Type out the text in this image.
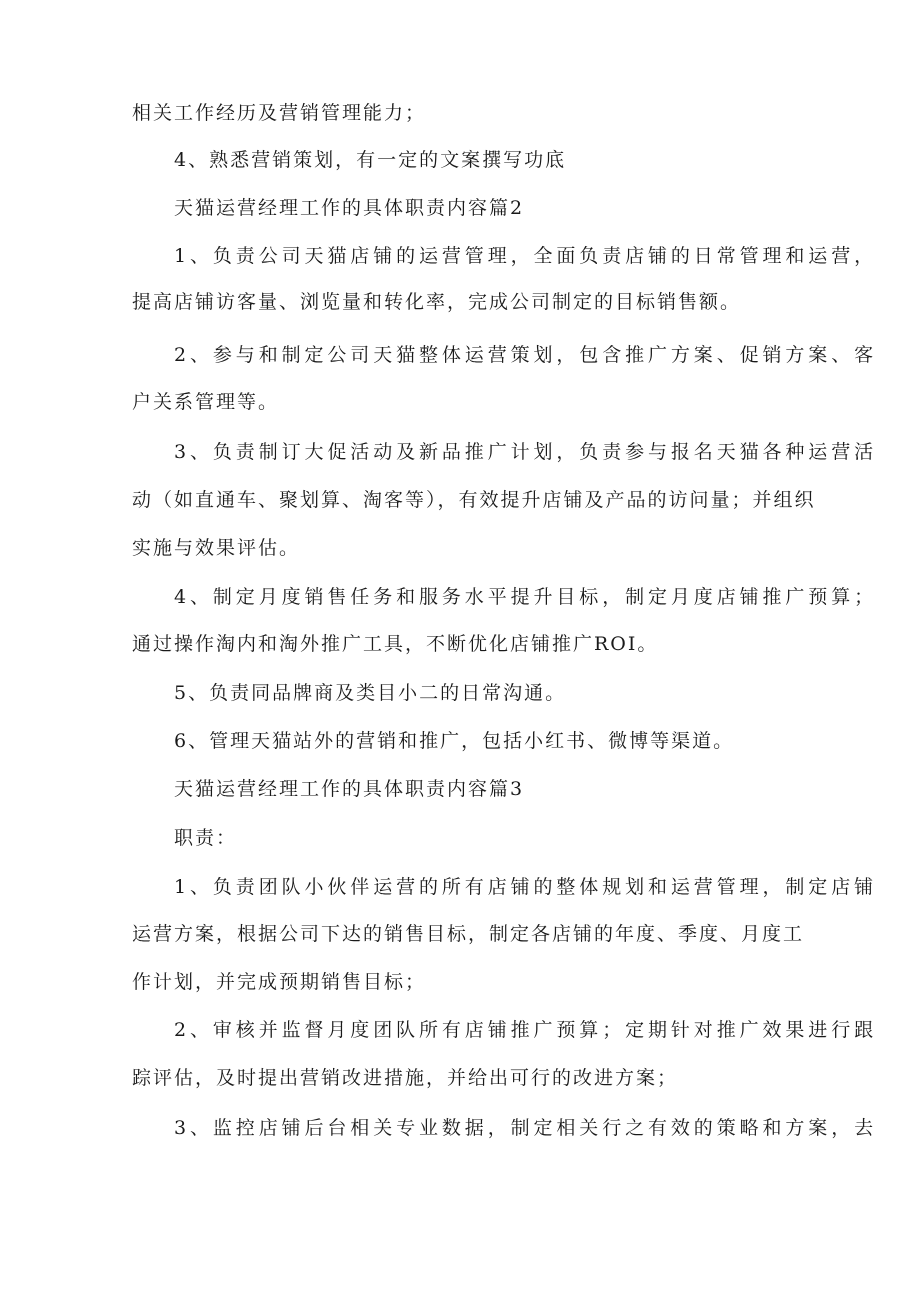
相关工作经历及营销管理能力；
4、熟悉营销策划，有一定的文案撰写功底
天猫运营经理工作的具体职责内容篇2
1、负责公司天猫店铺的运营管理，全面负责店铺的日常管理和运营，
提高店铺访客量、浏览量和转化率，完成公司制定的目标销售额。
2、参与和制定公司天猫整体运营策划，包含推广方案、促销方案、客
户关系管理等。
3、负责制订大促活动及新品推广计划，负责参与报名天猫各种运营活
动（如直通车、聚划算、淘客等），有效提升店铺及产品的访问量；并组织
实施与效果评估。
4、制定月度销售任务和服务水平提升目标，制定月度店铺推广预算；
通过操作淘内和淘外推广工具，不断优化店铺推广ROI。
5、负责同品牌商及类目小二的日常沟通。
6、管理天猫站外的营销和推广，包括小红书、微博等渠道。
天猫运营经理工作的具体职责内容篇3
职责：
1、负责团队小伙伴运营的所有店铺的整体规划和运营管理，制定店铺
运营方案，根据公司下达的销售目标，制定各店铺的年度、季度、月度工
作计划，并完成预期销售目标；
2、审核并监督月度团队所有店铺推广预算；定期针对推广效果进行跟
踪评估，及时提出营销改进措施，并给出可行的改进方案；
3、监控店铺后台相关专业数据，制定相关行之有效的策略和方案，去
